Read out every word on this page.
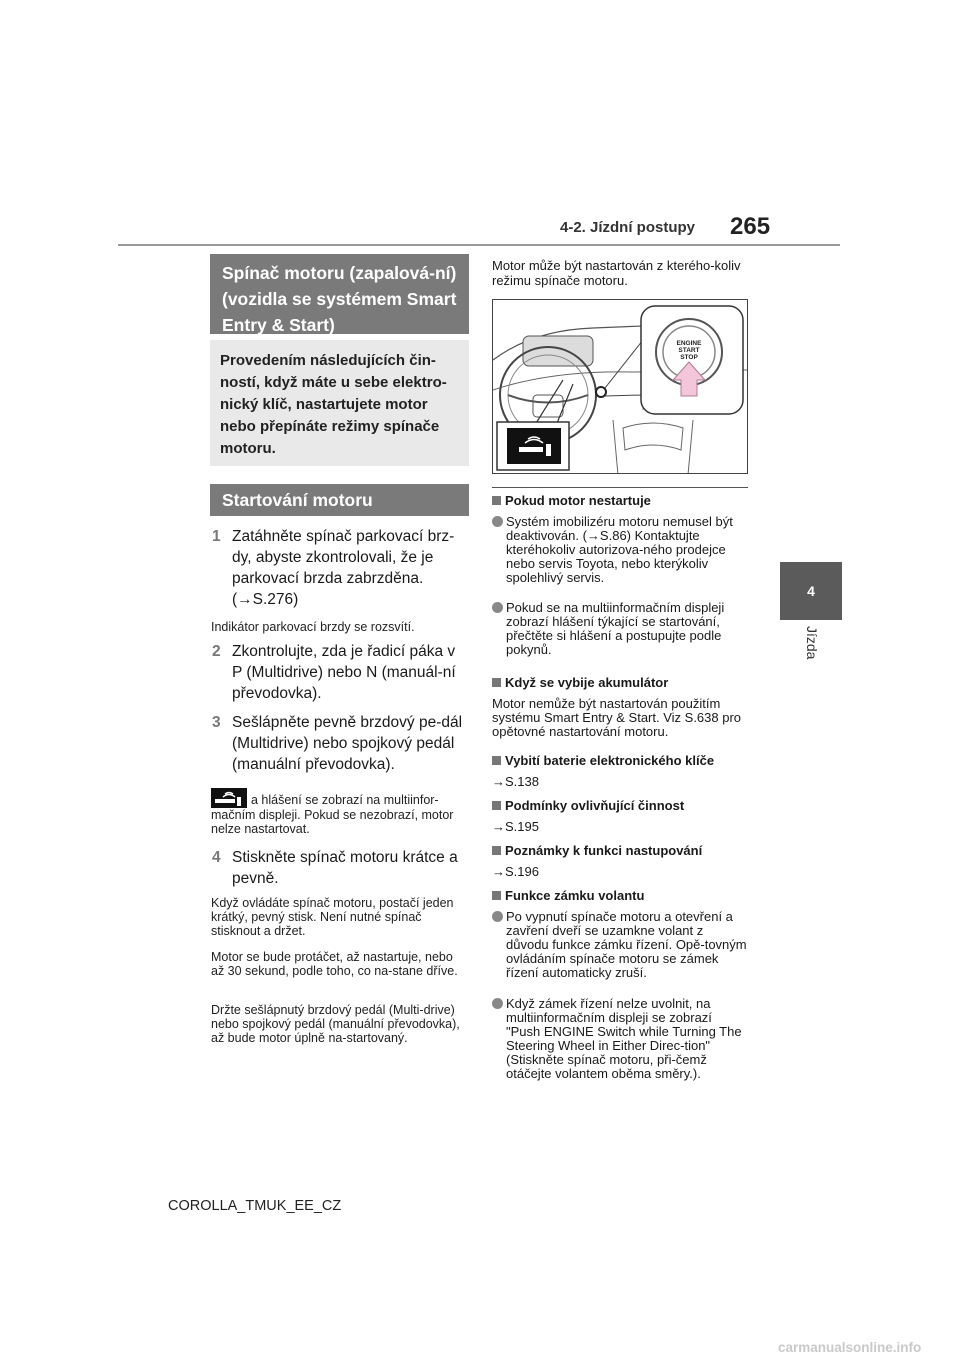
4-2. Jízdní postupy 265
4
Jízda
Spínač motoru (zapalová-ní) (vozidla se systémem Smart Entry & Start)
Provedením následujících čin-ností, když máte u sebe elektro-nický klíč, nastartujete motor nebo přepínáte režimy spínače motoru.
Startování motoru
1 Zatáhněte spínač parkovací brz-dy, abyste zkontrolovali, že je parkovací brzda zabrzděna. (→S.276)
Indikátor parkovací brzdy se rozsvítí.
2 Zkontrolujte, zda je řadicí páka v P (Multidrive) nebo N (manuál-ní převodovka).
3 Sešlápněte pevně brzdový pe-dál (Multidrive) nebo spojkový pedál (manuální převodovka).
a hlášení se zobrazí na multiinfor-mačním displeji. Pokud se nezobrazí, motor nelze nastartovat.
4 Stiskněte spínač motoru krátce a pevně.
Když ovládáte spínač motoru, postačí jeden krátký, pevný stisk. Není nutné spínač stisknout a držet.
Motor se bude protáčet, až nastartuje, nebo až 30 sekund, podle toho, co na-stane dříve.
Držte sešlápnutý brzdový pedál (Multi-drive) nebo spojkový pedál (manuální převodovka), až bude motor úplně na-startovaný.
Motor může být nastartován z kterého-koliv režimu spínače motoru.
ENGINE
START
STOP
Pokud motor nestartuje
Systém imobilizéru motoru nemusel být deaktivován. (→S.86) Kontaktujte kteréhokoliv autorizova-ného prodejce nebo servis Toyota, nebo kterýkoliv spolehlivý servis.
Pokud se na multiinformačním displeji zobrazí hlášení týkající se startování, přečtěte si hlášení a postupujte podle pokynů.
Když se vybije akumulátor
Motor nemůže být nastartován použitím systému Smart Entry & Start. Viz S.638 pro opětovné nastartování motoru.
Vybití baterie elektronického klíče
→S.138
Podmínky ovlivňující činnost
→S.195
Poznámky k funkci nastupování
→S.196
Funkce zámku volantu
Po vypnutí spínače motoru a otevření a zavření dveří se uzamkne volant z důvodu funkce zámku řízení. Opě-tovným ovládáním spínače motoru se zámek řízení automaticky zruší.
Když zámek řízení nelze uvolnit, na multiinformačním displeji se zobrazí "Push ENGINE Switch while Turning The Steering Wheel in Either Direc-tion" (Stiskněte spínač motoru, při-čemž otáčejte volantem oběma směry.).
COROLLA_TMUK_EE_CZ
carmanualsonline.info
